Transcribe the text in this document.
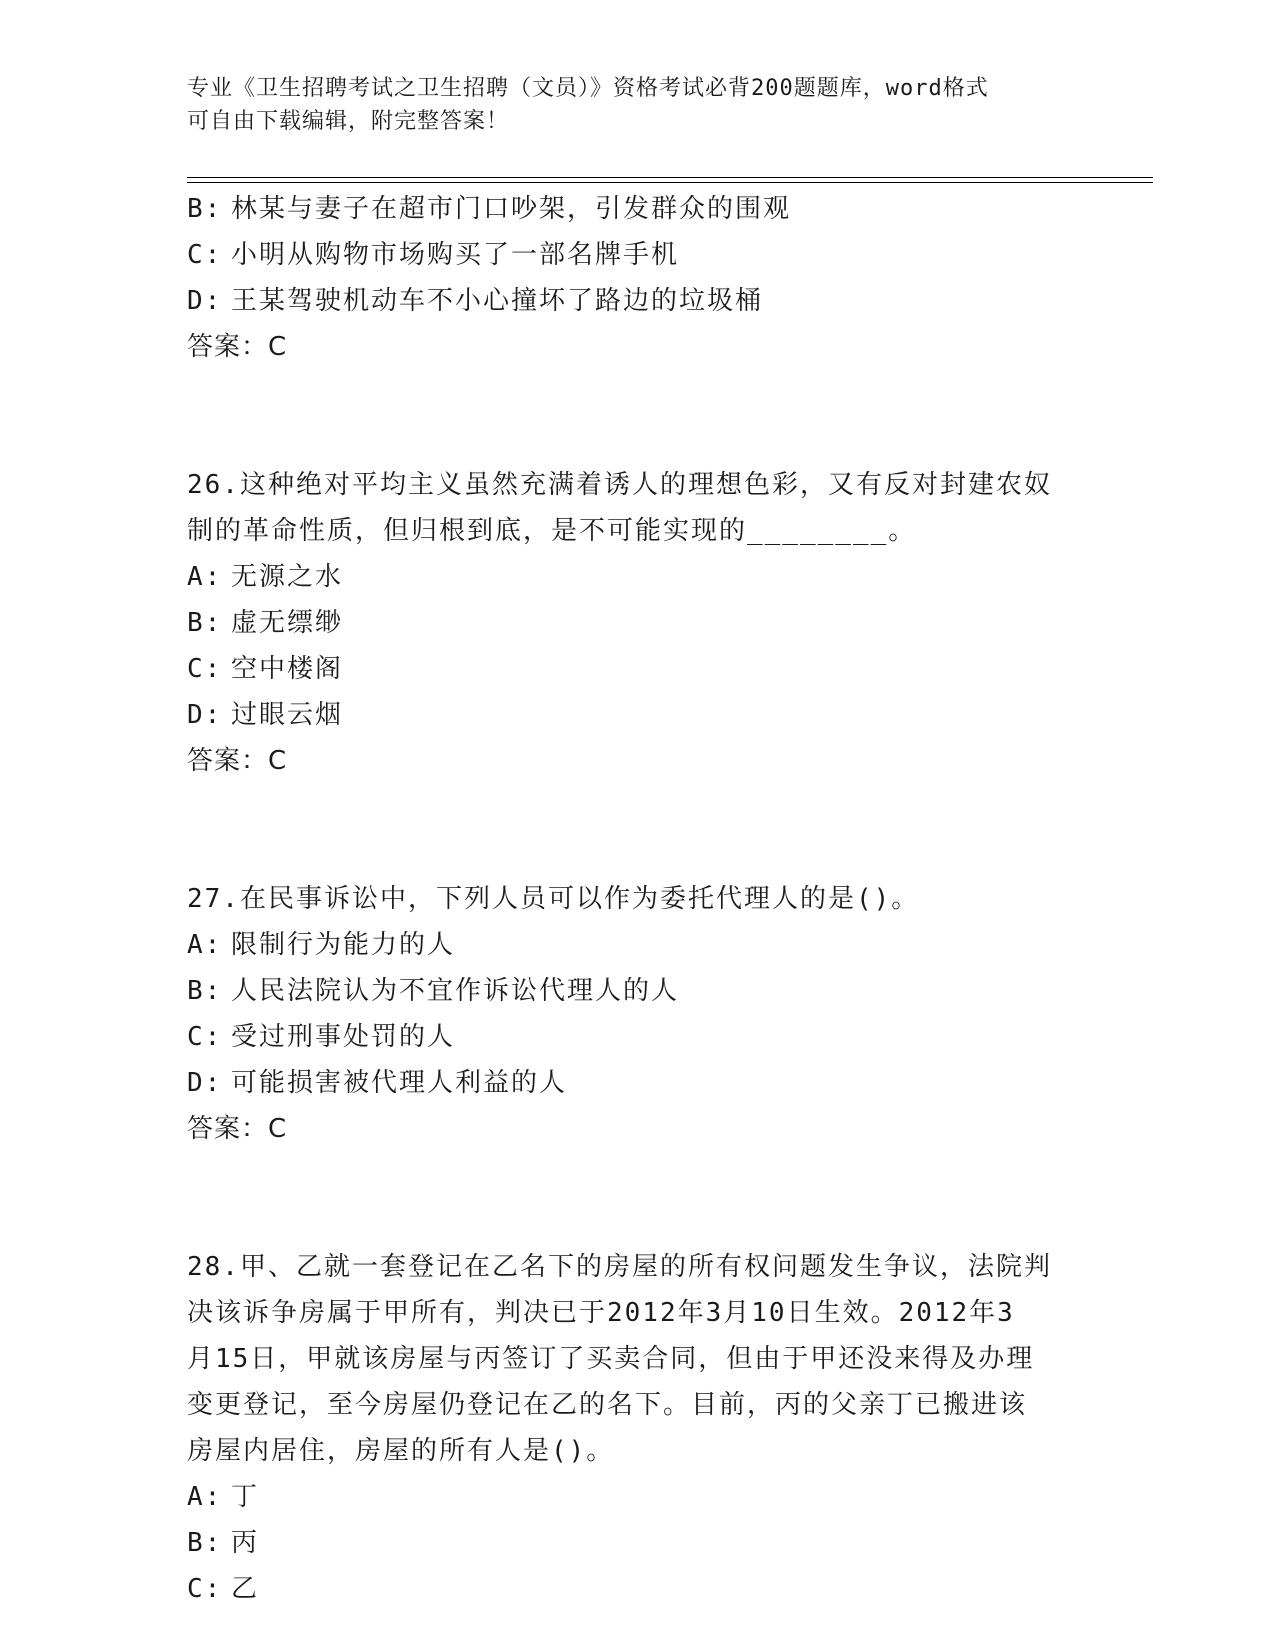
专业《卫生招聘考试之卫生招聘（文员）》资格考试必背200题题库，word格式
可自由下载编辑，附完整答案！
B: 林某与妻子在超市门口吵架，引发群众的围观
C: 小明从购物市场购买了一部名牌手机
D: 王某驾驶机动车不小心撞坏了路边的垃圾桶
答案：C
26.这种绝对平均主义虽然充满着诱人的理想色彩，又有反对封建农奴
制的革命性质，但归根到底，是不可能实现的________。
A: 无源之水
B: 虚无缥缈
C: 空中楼阁
D: 过眼云烟
答案：C
27.在民事诉讼中，下列人员可以作为委托代理人的是()。
A: 限制行为能力的人
B: 人民法院认为不宜作诉讼代理人的人
C: 受过刑事处罚的人
D: 可能损害被代理人利益的人
答案：C
28.甲、乙就一套登记在乙名下的房屋的所有权问题发生争议，法院判
决该诉争房属于甲所有，判决已于2012年3月10日生效。2012年3
月15日，甲就该房屋与丙签订了买卖合同，但由于甲还没来得及办理
变更登记，至今房屋仍登记在乙的名下。目前，丙的父亲丁已搬进该
房屋内居住，房屋的所有人是()。
A: 丁
B: 丙
C: 乙
